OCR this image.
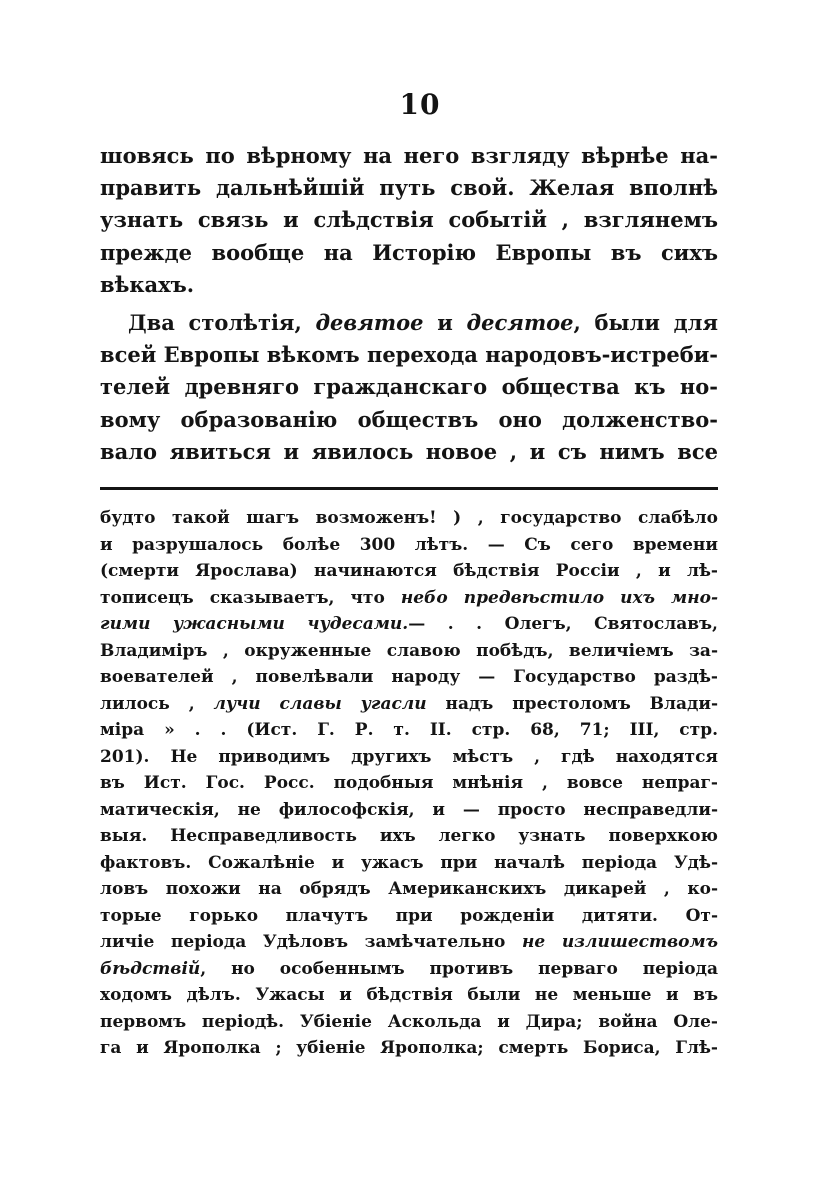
10
шовясь по вѣрному на него взгляду вѣрнѣе на-
править дальнѣйшій путь свой. Желая вполнѣ
узнать связь и слѣдствія событій , взглянемъ
прежде вообще на Исторію Европы въ сихъ
вѣкахъ.
Два столѣтія, девятое и десятое, были для
всей Европы вѣкомъ перехода народовъ-истреби-
телей древняго гражданскаго общества къ но-
вому образованію обществъ оно долженство-
вало явиться и явилось новое , и съ нимъ все
будто такой шагъ возможенъ! ) , государство слабѣло
и разрушалось болѣе 300 лѣтъ. — Съ сего времени
(смерти Ярослава) начинаются бѣдствія Россіи , и лѣ-
тописецъ сказываетъ, что небо предвѣстило ихъ мно-
гими ужасными чудесами.— . . Олегъ, Святославъ,
Владиміръ , окруженные славою побѣдъ, величіемъ за-
воевателей , повелѣвали народу — Государство раздѣ-
лилось , лучи славы угасли надъ престоломъ Влади-
міра » . . (Ист. Г. Р. т. II. стр. 68, 71; III, стр.
201). Не приводимъ другихъ мѣстъ , гдѣ находятся
въ Ист. Гос. Росс. подобныя мнѣнія , вовсе непраг-
матическія, не философскія, и — просто несправедли-
выя. Несправедливость ихъ легко узнать поверхкою
фактовъ. Сожалѣніе и ужасъ при началѣ періода Удѣ-
ловъ похожи на обрядъ Американскихъ дикарей , ко-
торые горько плачутъ при рожденіи дитяти. От-
личіе періода Удѣловъ замѣчательно не излишествомъ
бѣдствій, но особеннымъ противъ перваго періода
ходомъ дѣлъ. Ужасы и бѣдствія были не меньше и въ
первомъ періодѣ. Убіеніе Аскольда и Дира; война Оле-
га и Ярополка ; убіеніе Ярополка; смерть Бориса, Глѣ-
